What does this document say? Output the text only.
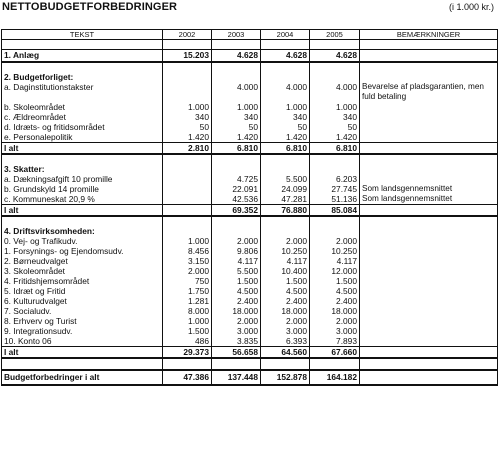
NETTOBUDGETFORBEDRINGER	(i 1.000 kr.)
TEKST	2002	2003	2004	2005	BEMÆRKNINGER

1. Anlæg	15.203	4.628	4.628	4.628	

2. Budgetforliget:					
a. Daginstitutionstakster		4.000	4.000	4.000	Bevarelse af pladsgarantien, men fuld betaling
b. Skoleområdet	1.000	1.000	1.000	1.000	
c. Ældreområdet	340	340	340	340	
d. Idræts- og fritidsområdet	50	50	50	50	
e. Personalepolitik	1.420	1.420	1.420	1.420	
I alt	2.810	6.810	6.810	6.810	

3. Skatter:					
a. Dækningsafgift 10 promille		4.725	5.500	6.203	
b. Grundskyld 14 promille		22.091	24.099	27.745	Som landsgennemsnittet
c. Kommuneskat 20,9 %		42.536	47.281	51.136	Som landsgennemsnittet
I alt		69.352	76.880	85.084	

4. Driftsvirksomheden:					
0. Vej- og Trafikudv.	1.000	2.000	2.000	2.000	
1. Forsynings- og Ejendomsudv.	8.456	9.806	10.250	10.250	
2. Børneudvalget	3.150	4.117	4.117	4.117	
3. Skoleområdet	2.000	5.500	10.400	12.000	
4. Fritidshjemsområdet	750	1.500	1.500	1.500	
5. Idræt og Fritid	1.750	4.500	4.500	4.500	
6. Kulturudvalget	1.281	2.400	2.400	2.400	
7. Socialudv.	8.000	18.000	18.000	18.000	
8. Erhverv og Turist	1.000	2.000	2.000	2.000	
9. Integrationsudv.	1.500	3.000	3.000	3.000	
10. Konto 06	486	3.835	6.393	7.893	
I alt	29.373	56.658	64.560	67.660	

Budgetforbedringer i alt	47.386	137.448	152.878	164.182	
